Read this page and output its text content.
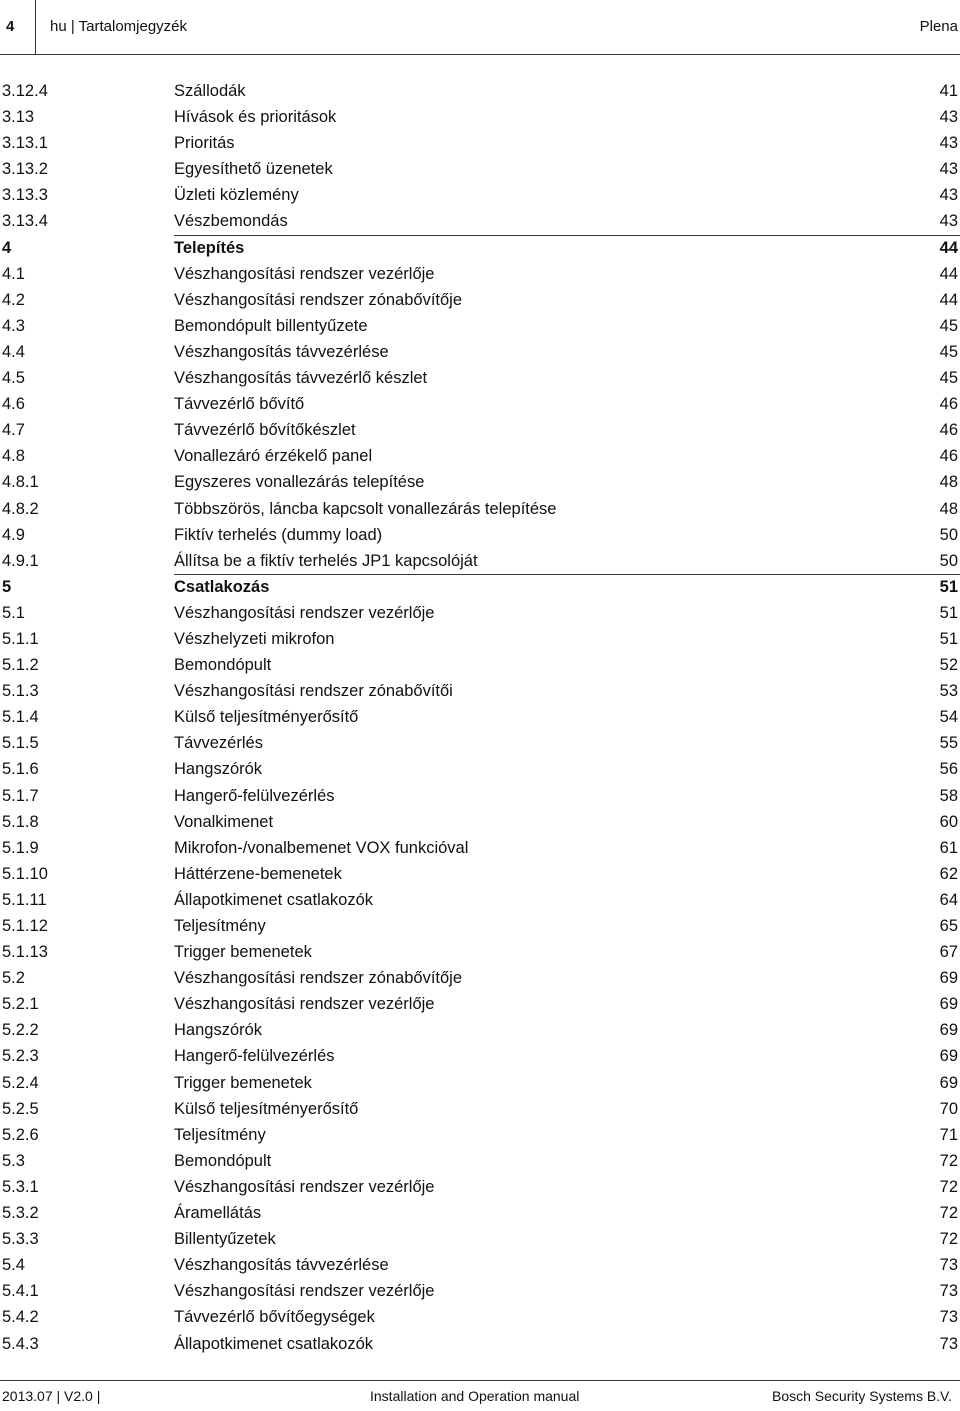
4	hu | Tartalomjegyzék	Plena
3.12.4	Szállodák	41
3.13	Hívások és prioritások	43
3.13.1	Prioritás	43
3.13.2	Egyesíthető üzenetek	43
3.13.3	Üzleti közlemény	43
3.13.4	Vészbemondás	43
4	Telepítés	44
4.1	Vészhangosítási rendszer vezérlője	44
4.2	Vészhangosítási rendszer zónabővítője	44
4.3	Bemondópult billentyűzete	45
4.4	Vészhangosítás távvezérlése	45
4.5	Vészhangosítás távvezérlő készlet	45
4.6	Távvezérlő bővítő	46
4.7	Távvezérlő bővítőkészlet	46
4.8	Vonallezáró érzékelő panel	46
4.8.1	Egyszeres vonallezárás telepítése	48
4.8.2	Többszörös, láncba kapcsolt vonallezárás telepítése	48
4.9	Fiktív terhelés (dummy load)	50
4.9.1	Állítsa be a fiktív terhelés JP1 kapcsolóját	50
5	Csatlakozás	51
5.1	Vészhangosítási rendszer vezérlője	51
5.1.1	Vészhelyzeti mikrofon	51
5.1.2	Bemondópult	52
5.1.3	Vészhangosítási rendszer zónabővítői	53
5.1.4	Külső teljesítményerősítő	54
5.1.5	Távvezérlés	55
5.1.6	Hangszórók	56
5.1.7	Hangerő-felülvezérlés	58
5.1.8	Vonalkimenet	60
5.1.9	Mikrofon-/vonalbemenet VOX funkcióval	61
5.1.10	Háttérzene-bemenetek	62
5.1.11	Állapotkimenet csatlakozók	64
5.1.12	Teljesítmény	65
5.1.13	Trigger bemenetek	67
5.2	Vészhangosítási rendszer zónabővítője	69
5.2.1	Vészhangosítási rendszer vezérlője	69
5.2.2	Hangszórók	69
5.2.3	Hangerő-felülvezérlés	69
5.2.4	Trigger bemenetek	69
5.2.5	Külső teljesítményerősítő	70
5.2.6	Teljesítmény	71
5.3	Bemondópult	72
5.3.1	Vészhangosítási rendszer vezérlője	72
5.3.2	Áramellátás	72
5.3.3	Billentyűzetek	72
5.4	Vészhangosítás távvezérlése	73
5.4.1	Vészhangosítási rendszer vezérlője	73
5.4.2	Távvezérlő bővítőegységek	73
5.4.3	Állapotkimenet csatlakozók	73
2013.07 | V2.0 |	Installation and Operation manual	Bosch Security Systems B.V.
